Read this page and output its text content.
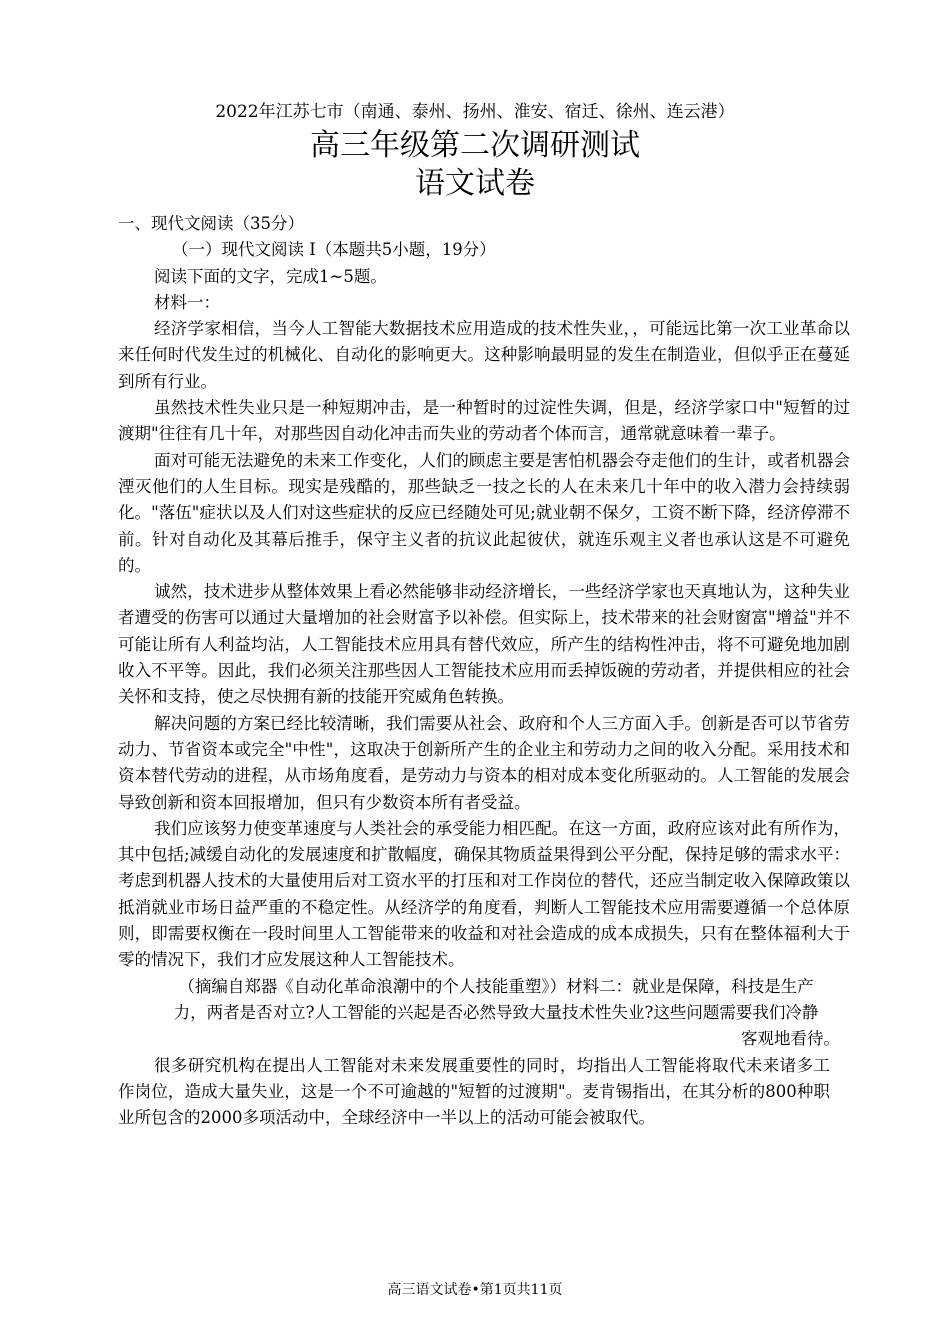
2022年江苏七市（南通、泰州、扬州、淮安、宿迁、徐州、连云港）
高三年级第二次调研测试
语文试卷

一、现代文阅读（35分）

（一）现代文阅读 I（本题共5小题，19分）

阅读下面的文字，完成1~5题。

材料一：

经济学家相信，当今人工智能大数据技术应用造成的技术性失业，，可能远比第一次工业革命以来任何时代发生过的机械化、自动化的影响更大。这种影响最明显的发生在制造业，但似乎正在蔓延到所有行业。

虽然技术性失业只是一种短期冲击，是一种暂时的过淀性失调，但是，经济学家口中"短暂的过渡期"往往有几十年，对那些因自动化冲击而失业的劳动者个体而言，通常就意味着一辈子。

面对可能无法避免的未来工作变化，人们的顾虑主要是害怕机器会夺走他们的生计，或者机器会湮灭他们的人生目标。现实是残酷的，那些缺乏一技之长的人在未来几十年中的收入潜力会持续弱化。"落伍"症状以及人们对这些症状的反应已经随处可见;就业朝不保夕，工资不断下降，经济停滞不前。针对自动化及其幕后推手，保守主义者的抗议此起彼伏，就连乐观主义者也承认这是不可避免的。

诚然，技术进步从整体效果上看必然能够非动经济增长，一些经济学家也天真地认为，这种失业者遭受的伤害可以通过大量增加的社会财富予以补偿。但实际上，技术带来的社会财窗富"增益"并不可能让所有人利益均沾，人工智能技术应用具有替代效应，所产生的结构性冲击，将不可避免地加剧收入不平等。因此，我们必须关注那些因人工智能技术应用而丢掉饭碗的劳动者，并提供相应的社会关怀和支持，使之尽快拥有新的技能开究威角色转换。

解决问题的方案已经比较清晰，我们需要从社会、政府和个人三方面入手。创新是否可以节省劳动力、节省资本或完全"中性"，这取决于创新所产生的企业主和劳动力之间的收入分配。采用技术和资本替代劳动的进程，从市场角度看，是劳动力与资本的相对成本变化所驱动的。人工智能的发展会导致创新和资本回报增加，但只有少数资本所有者受益。

我们应该努力使变革速度与人类社会的承受能力相匹配。在这一方面，政府应该对此有所作为，其中包括;减缓自动化的发展速度和扩散幅度，确保其物质益果得到公平分配，保持足够的需求水平：考虑到机器人技术的大量使用后对工资水平的打压和对工作岗位的替代，还应当制定收入保障政策以抵消就业市场日益严重的不稳定性。从经济学的角度看，判断人工智能技术应用需要遵循一个总体原则，即需要权衡在一段时间里人工智能带来的收益和对社会造成的成本成损失，只有在整体福利大于零的情况下，我们才应发展这种人工智能技术。

（摘编自郑器《自动化革命浪潮中的个人技能重塑》）材料二：就业是保障，科技是生产

力，两者是否对立?人工智能的兴起是否必然导致大量技术性失业?这些问题需要我们冷静

客观地看待。

很多研究机构在提出人工智能对未来发展重要性的同时，均指出人工智能将取代未来诸多工作岗位，造成大量失业，这是一个不可逾越的"短暂的过渡期"。麦肯锡指出，在其分析的800种职业所包含的2000多项活动中，全球经济中一半以上的活动可能会被取代。

高三语文试卷•第1页共11页
